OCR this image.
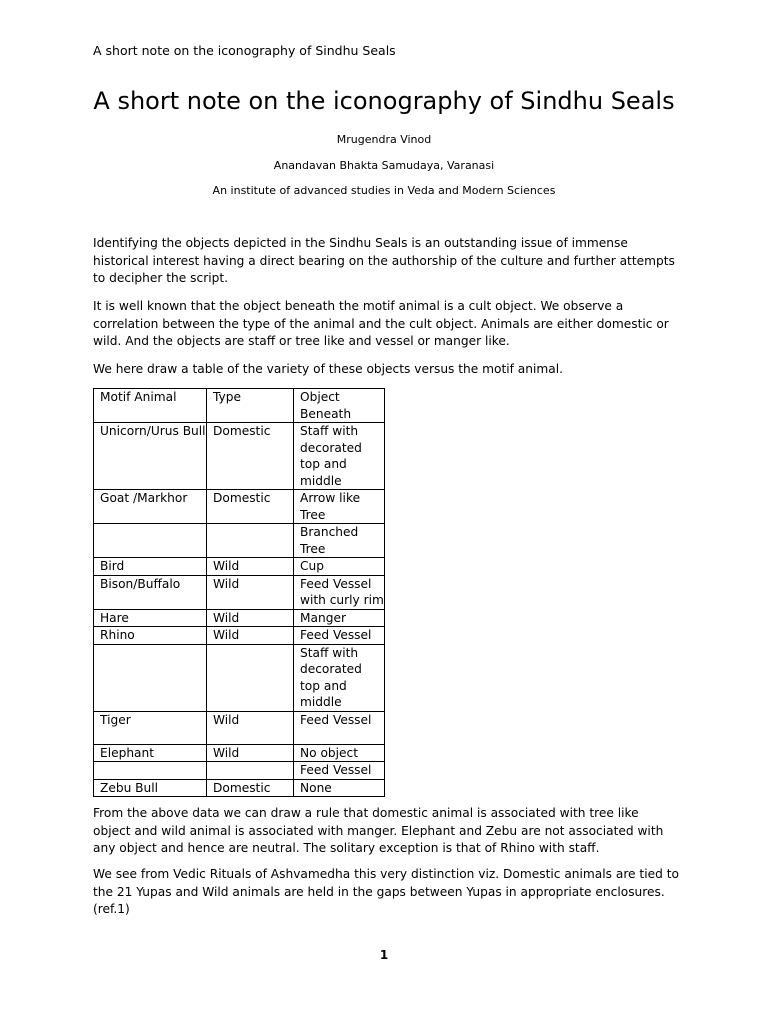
A short note on the iconography of Sindhu Seals
A short note on the iconography of Sindhu Seals
Mrugendra Vinod
Anandavan Bhakta Samudaya, Varanasi
An institute of advanced studies in Veda and Modern Sciences

Identifying the objects depicted in the Sindhu Seals is an outstanding issue of immense historical interest having a direct bearing on the authorship of the culture and further attempts to decipher the script.

It is well known that the object beneath the motif animal is a cult object. We observe a correlation between the type of the animal and the cult object. Animals are either domestic or wild. And the objects are staff or tree like and vessel or manger like.

We here draw a table of the variety of these objects versus the motif animal.

Motif Animal	Type	Object Beneath
Unicorn/Urus Bull	Domestic	Staff with decorated top and middle
Goat /Markhor	Domestic	Arrow like Tree
		Branched Tree
Bird	Wild	Cup
Bison/Buffalo	Wild	Feed Vessel with curly rim
Hare	Wild	Manger
Rhino	Wild	Feed Vessel
		Staff with decorated top and middle
Tiger	Wild	Feed Vessel
Elephant	Wild	No object
		Feed Vessel
Zebu Bull	Domestic	None

From the above data we can draw a rule that domestic animal is associated with tree like object and wild animal is associated with manger. Elephant and Zebu are not associated with any object and hence are neutral. The solitary exception is that of Rhino with staff.

We see from Vedic Rituals of Ashvamedha this very distinction viz. Domestic animals are tied to the 21 Yupas and Wild animals are held in the gaps between Yupas in appropriate enclosures. (ref.1)

1
